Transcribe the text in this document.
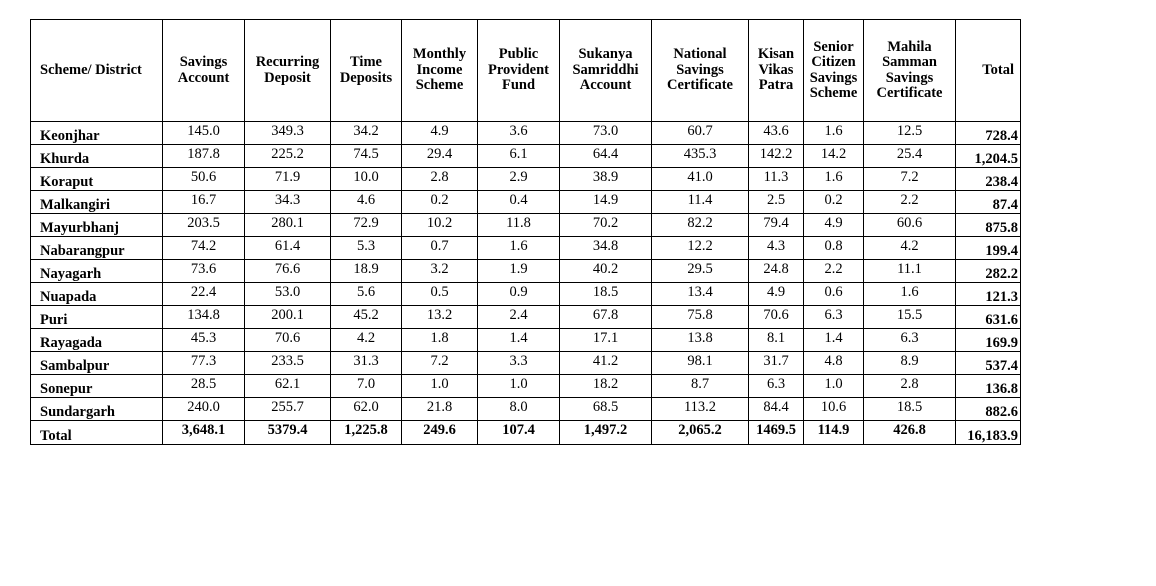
Scheme/ District	Savings Account	Recurring Deposit	Time Deposits	Monthly Income Scheme	Public Provident Fund	Sukanya Samriddhi Account	National Savings Certificate	Kisan Vikas Patra	Senior Citizen Savings Scheme	Mahila Samman Savings Certificate	Total
Keonjhar	145.0	349.3	34.2	4.9	3.6	73.0	60.7	43.6	1.6	12.5	728.4
Khurda	187.8	225.2	74.5	29.4	6.1	64.4	435.3	142.2	14.2	25.4	1,204.5
Koraput	50.6	71.9	10.0	2.8	2.9	38.9	41.0	11.3	1.6	7.2	238.4
Malkangiri	16.7	34.3	4.6	0.2	0.4	14.9	11.4	2.5	0.2	2.2	87.4
Mayurbhanj	203.5	280.1	72.9	10.2	11.8	70.2	82.2	79.4	4.9	60.6	875.8
Nabarangpur	74.2	61.4	5.3	0.7	1.6	34.8	12.2	4.3	0.8	4.2	199.4
Nayagarh	73.6	76.6	18.9	3.2	1.9	40.2	29.5	24.8	2.2	11.1	282.2
Nuapada	22.4	53.0	5.6	0.5	0.9	18.5	13.4	4.9	0.6	1.6	121.3
Puri	134.8	200.1	45.2	13.2	2.4	67.8	75.8	70.6	6.3	15.5	631.6
Rayagada	45.3	70.6	4.2	1.8	1.4	17.1	13.8	8.1	1.4	6.3	169.9
Sambalpur	77.3	233.5	31.3	7.2	3.3	41.2	98.1	31.7	4.8	8.9	537.4
Sonepur	28.5	62.1	7.0	1.0	1.0	18.2	8.7	6.3	1.0	2.8	136.8
Sundargarh	240.0	255.7	62.0	21.8	8.0	68.5	113.2	84.4	10.6	18.5	882.6
Total	3,648.1	5379.4	1,225.8	249.6	107.4	1,497.2	2,065.2	1469.5	114.9	426.8	16,183.9
